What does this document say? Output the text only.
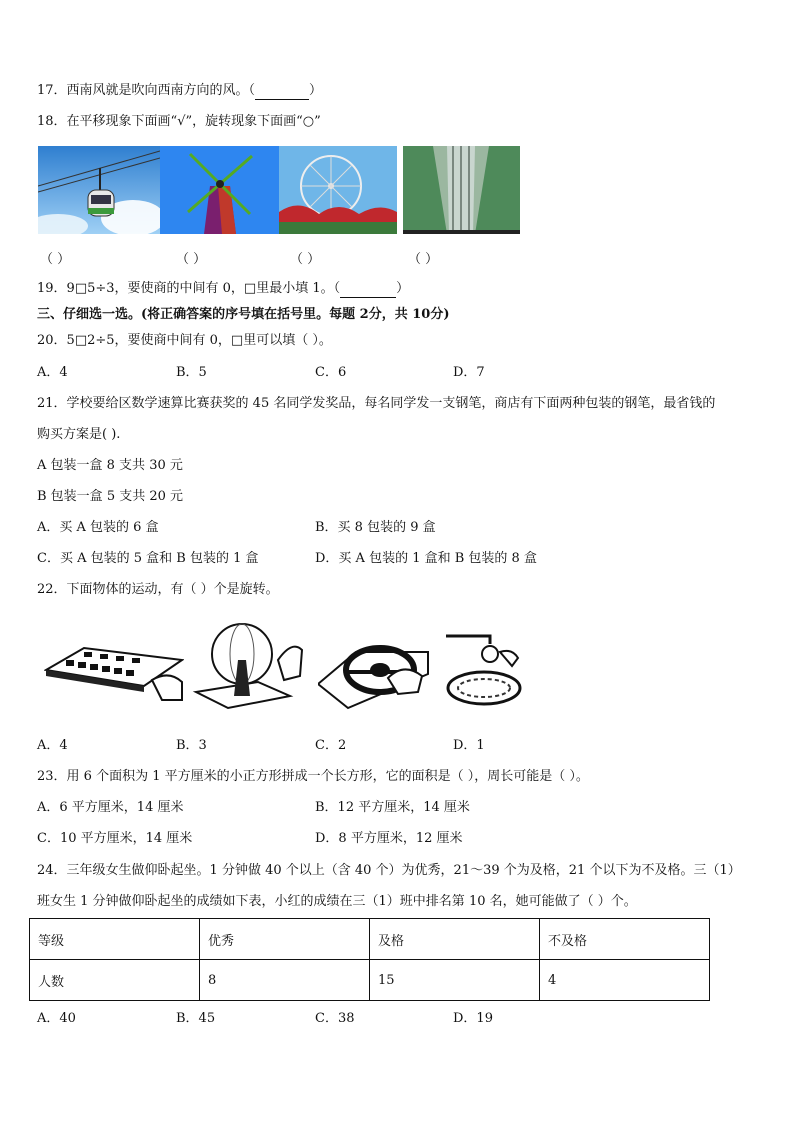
17．西南风就是吹向西南方向的风。（	）
18．在平移现象下面画“√”，旋转现象下面画“○”
（ ）	（ ）	（ ）	（ ）
19．9□5÷3，要使商的中间有 0，□里最小填 1。（	）
三、仔细选一选。(将正确答案的序号填在括号里。每题 2分，共 10分)
20．5□2÷5，要使商中间有 0，□里可以填（ ）。
A．4	B．5	C．6	D．7
21．学校要给区数学速算比赛获奖的 45 名同学发奖品，每名同学发一支钢笔，商店有下面两种包装的钢笔，最省钱的
购买方案是( ).
A 包装一盒 8 支共 30 元
B 包装一盒 5 支共 20 元
A．买 A 包装的 6 盒	B．买 8 包装的 9 盒
C．买 A 包装的 5 盒和 B 包装的 1 盒	D．买 A 包装的 1 盒和 B 包装的 8 盒
22．下面物体的运动，有（ ）个是旋转。
A．4	B．3	C．2	D．1
23．用 6 个面积为 1 平方厘米的小正方形拼成一个长方形，它的面积是（ ），周长可能是（ ）。
A．6 平方厘米，14 厘米	B．12 平方厘米，14 厘米
C．10 平方厘米，14 厘米	D．8 平方厘米，12 厘米
24．三年级女生做仰卧起坐。1 分钟做 40 个以上（含 40 个）为优秀，21～39 个为及格，21 个以下为不及格。三（1）
班女生 1 分钟做仰卧起坐的成绩如下表，小红的成绩在三（1）班中排名第 10 名，她可能做了（ ）个。
等级	优秀	及格	不及格
人数	8	15	4
A．40	B．45	C．38	D．19
